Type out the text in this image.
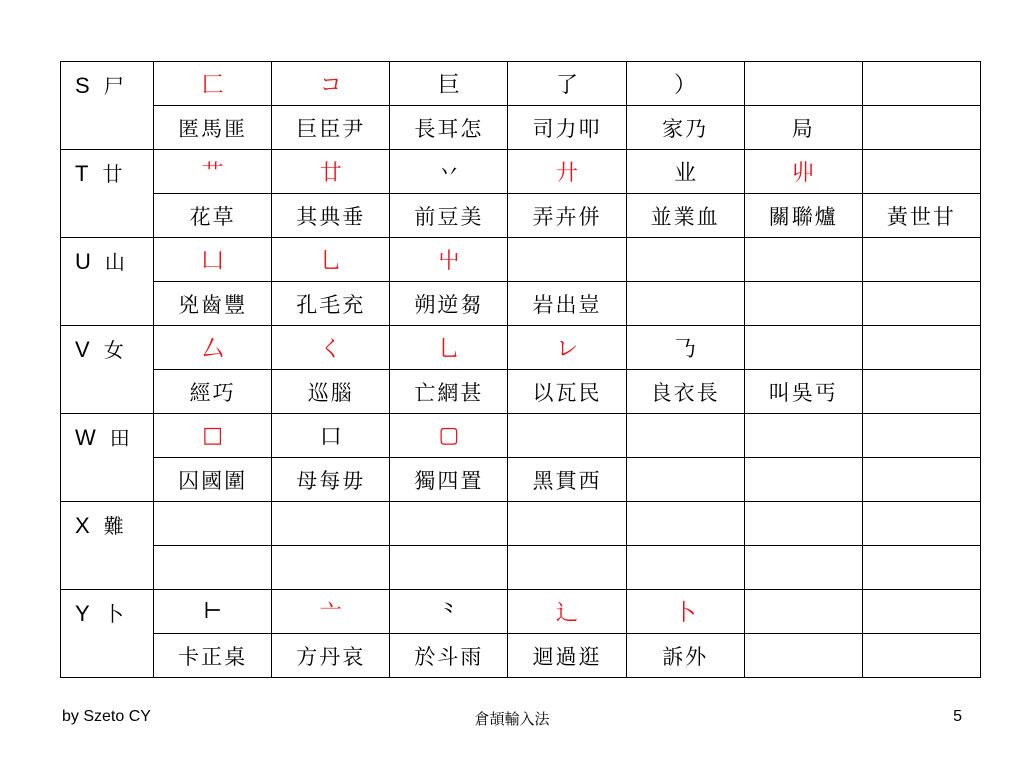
S 尸	匚	コ	巨	了	）		
	匿馬匪	巨臣尹	長耳怎	司力叩	家乃	局	
T 廿	艹	廿	丷	廾	业	丱	
	花草	其典垂	前豆美	弄卉併	並業血	關聯爐	黃世甘
U 山	凵	乚	屮				
	兇齒豐	孔毛充	朔逆芻	岩出豈			
V 女	厶	く	乚	レ	𠄎		
	經巧	巡腦	亡網甚	以瓦民	良衣長	叫吳丐	
W 田	□	口	▢				
	囚國圍	母每毋	獨四置	黑貫西			
X 難							

Y 卜	⊢	亠	⺀	⻌	卜		
	卡正桌	方丹哀	於斗雨	迴過逛	訴外		
by Szeto CY	倉頡輸入法	5
